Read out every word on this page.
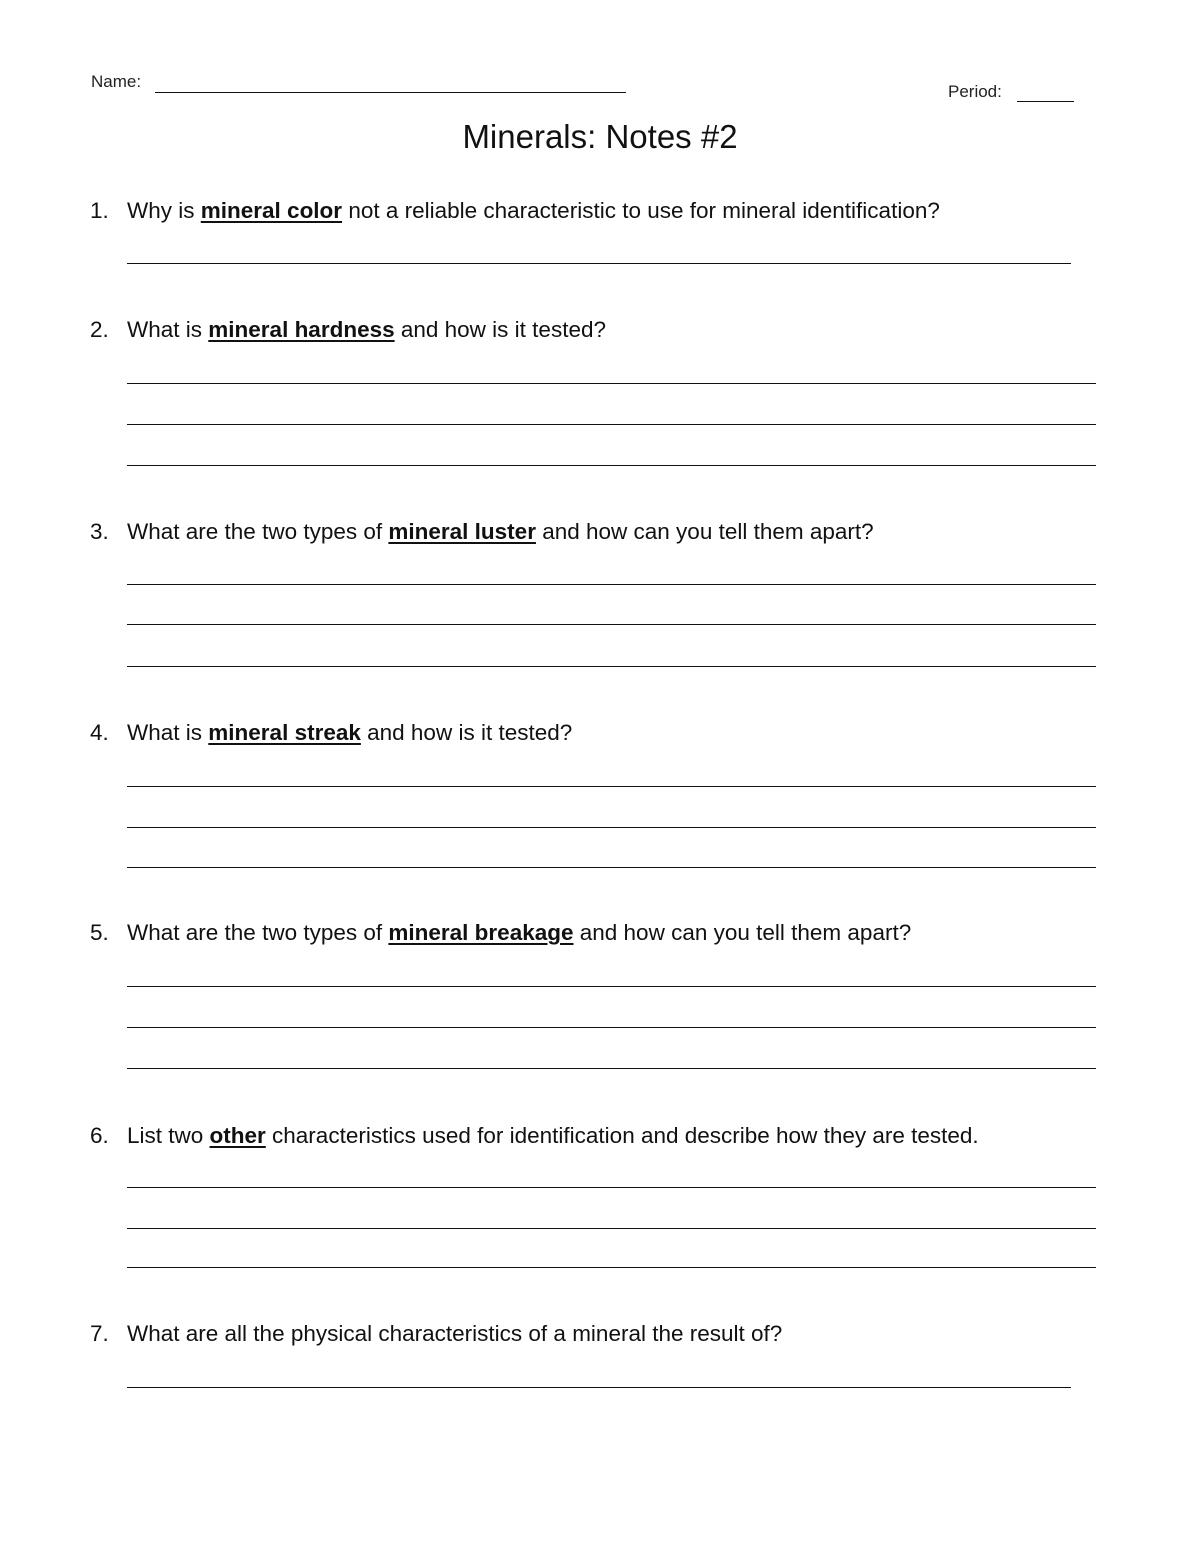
Name:
Period:
Minerals: Notes #2
1. Why is mineral color not a reliable characteristic to use for mineral identification?
2. What is mineral hardness and how is it tested?
3. What are the two types of mineral luster and how can you tell them apart?
4. What is mineral streak and how is it tested?
5. What are the two types of mineral breakage and how can you tell them apart?
6. List two other characteristics used for identification and describe how they are tested.
7. What are all the physical characteristics of a mineral the result of?
